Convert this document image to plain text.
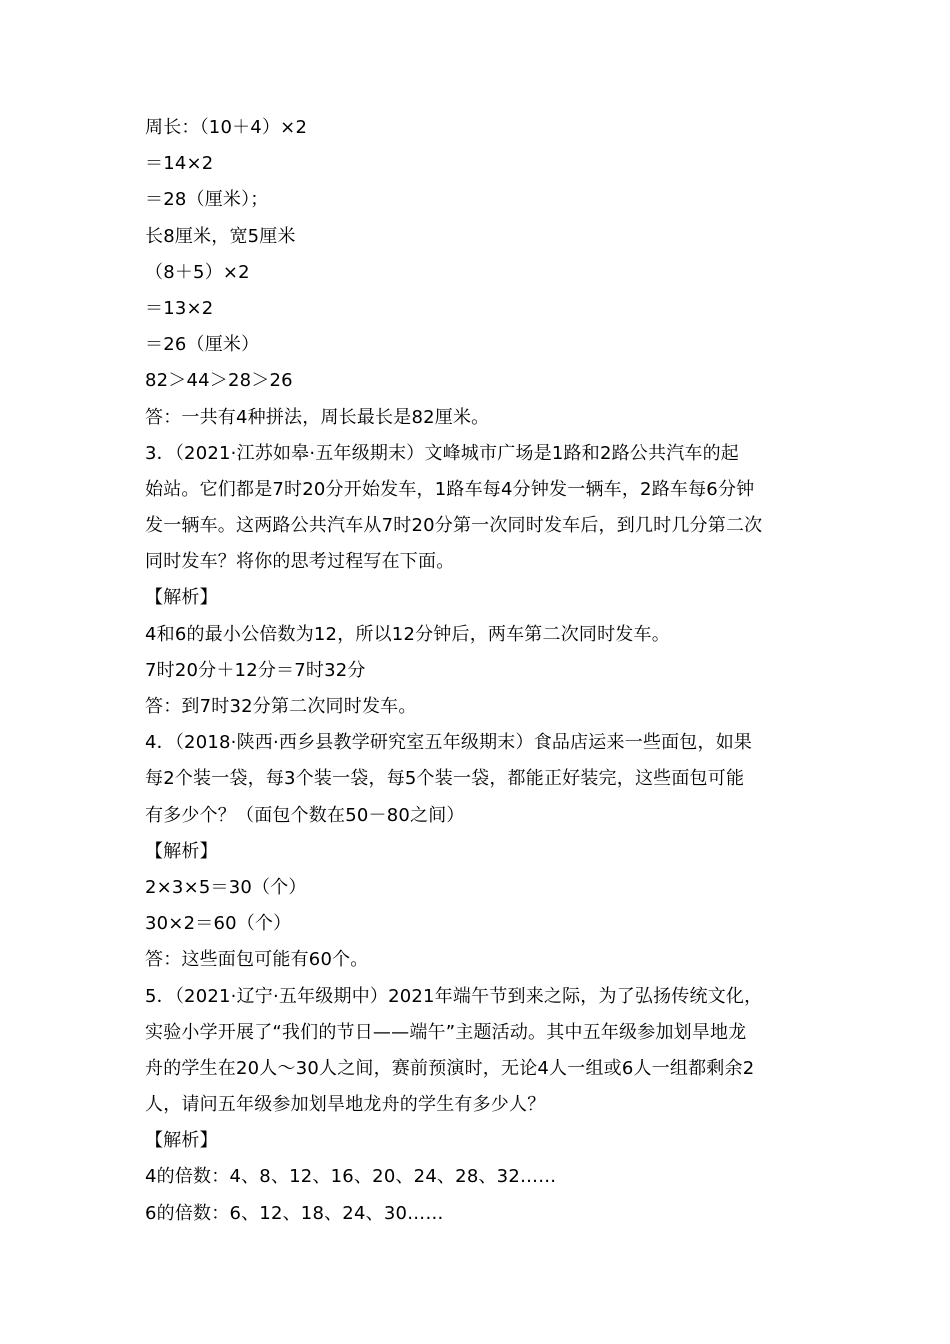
周长：（10＋4）×2
＝14×2
＝28（厘米）；
长8厘米，宽5厘米
（8＋5）×2
＝13×2
＝26（厘米）
82＞44＞28＞26
答：一共有4种拼法，周长最长是82厘米。
3．（2021·江苏如皋·五年级期末）文峰城市广场是1路和2路公共汽车的起
始站。它们都是7时20分开始发车，1路车每4分钟发一辆车，2路车每6分钟
发一辆车。这两路公共汽车从7时20分第一次同时发车后，到几时几分第二次
同时发车？将你的思考过程写在下面。
【解析】
4和6的最小公倍数为12，所以12分钟后，两车第二次同时发车。
7时20分＋12分＝7时32分
答：到7时32分第二次同时发车。
4．（2018·陕西·西乡县教学研究室五年级期末）食品店运来一些面包，如果
每2个装一袋，每3个装一袋，每5个装一袋，都能正好装完，这些面包可能
有多少个？（面包个数在50－80之间）
【解析】
2×3×5＝30（个）
30×2＝60（个）
答：这些面包可能有60个。
5．（2021·辽宁·五年级期中）2021年端午节到来之际，为了弘扬传统文化，
实验小学开展了“我们的节日——端午”主题活动。其中五年级参加划旱地龙
舟的学生在20人～30人之间，赛前预演时，无论4人一组或6人一组都剩余2
人，请问五年级参加划旱地龙舟的学生有多少人？
【解析】
4的倍数：4、8、12、16、20、24、28、32……
6的倍数：6、12、18、24、30……
